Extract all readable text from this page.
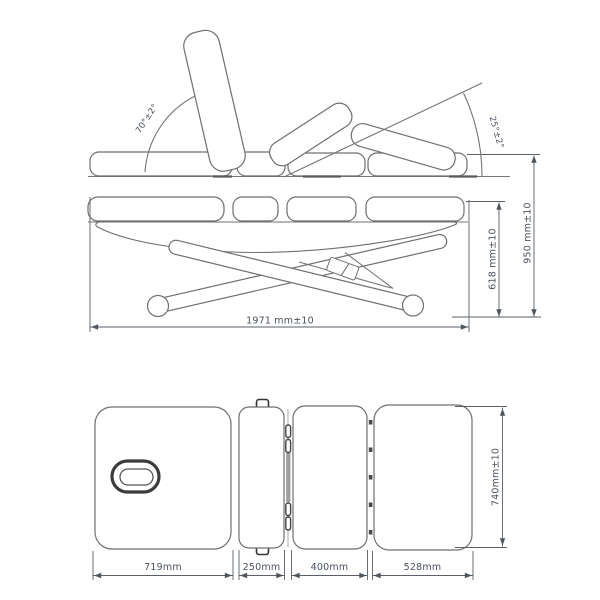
70°±2°	25°±2°
618 mm±10	950 mm±10
1971 mm±10
719mm	250mm	400mm	528mm
740mm±10
